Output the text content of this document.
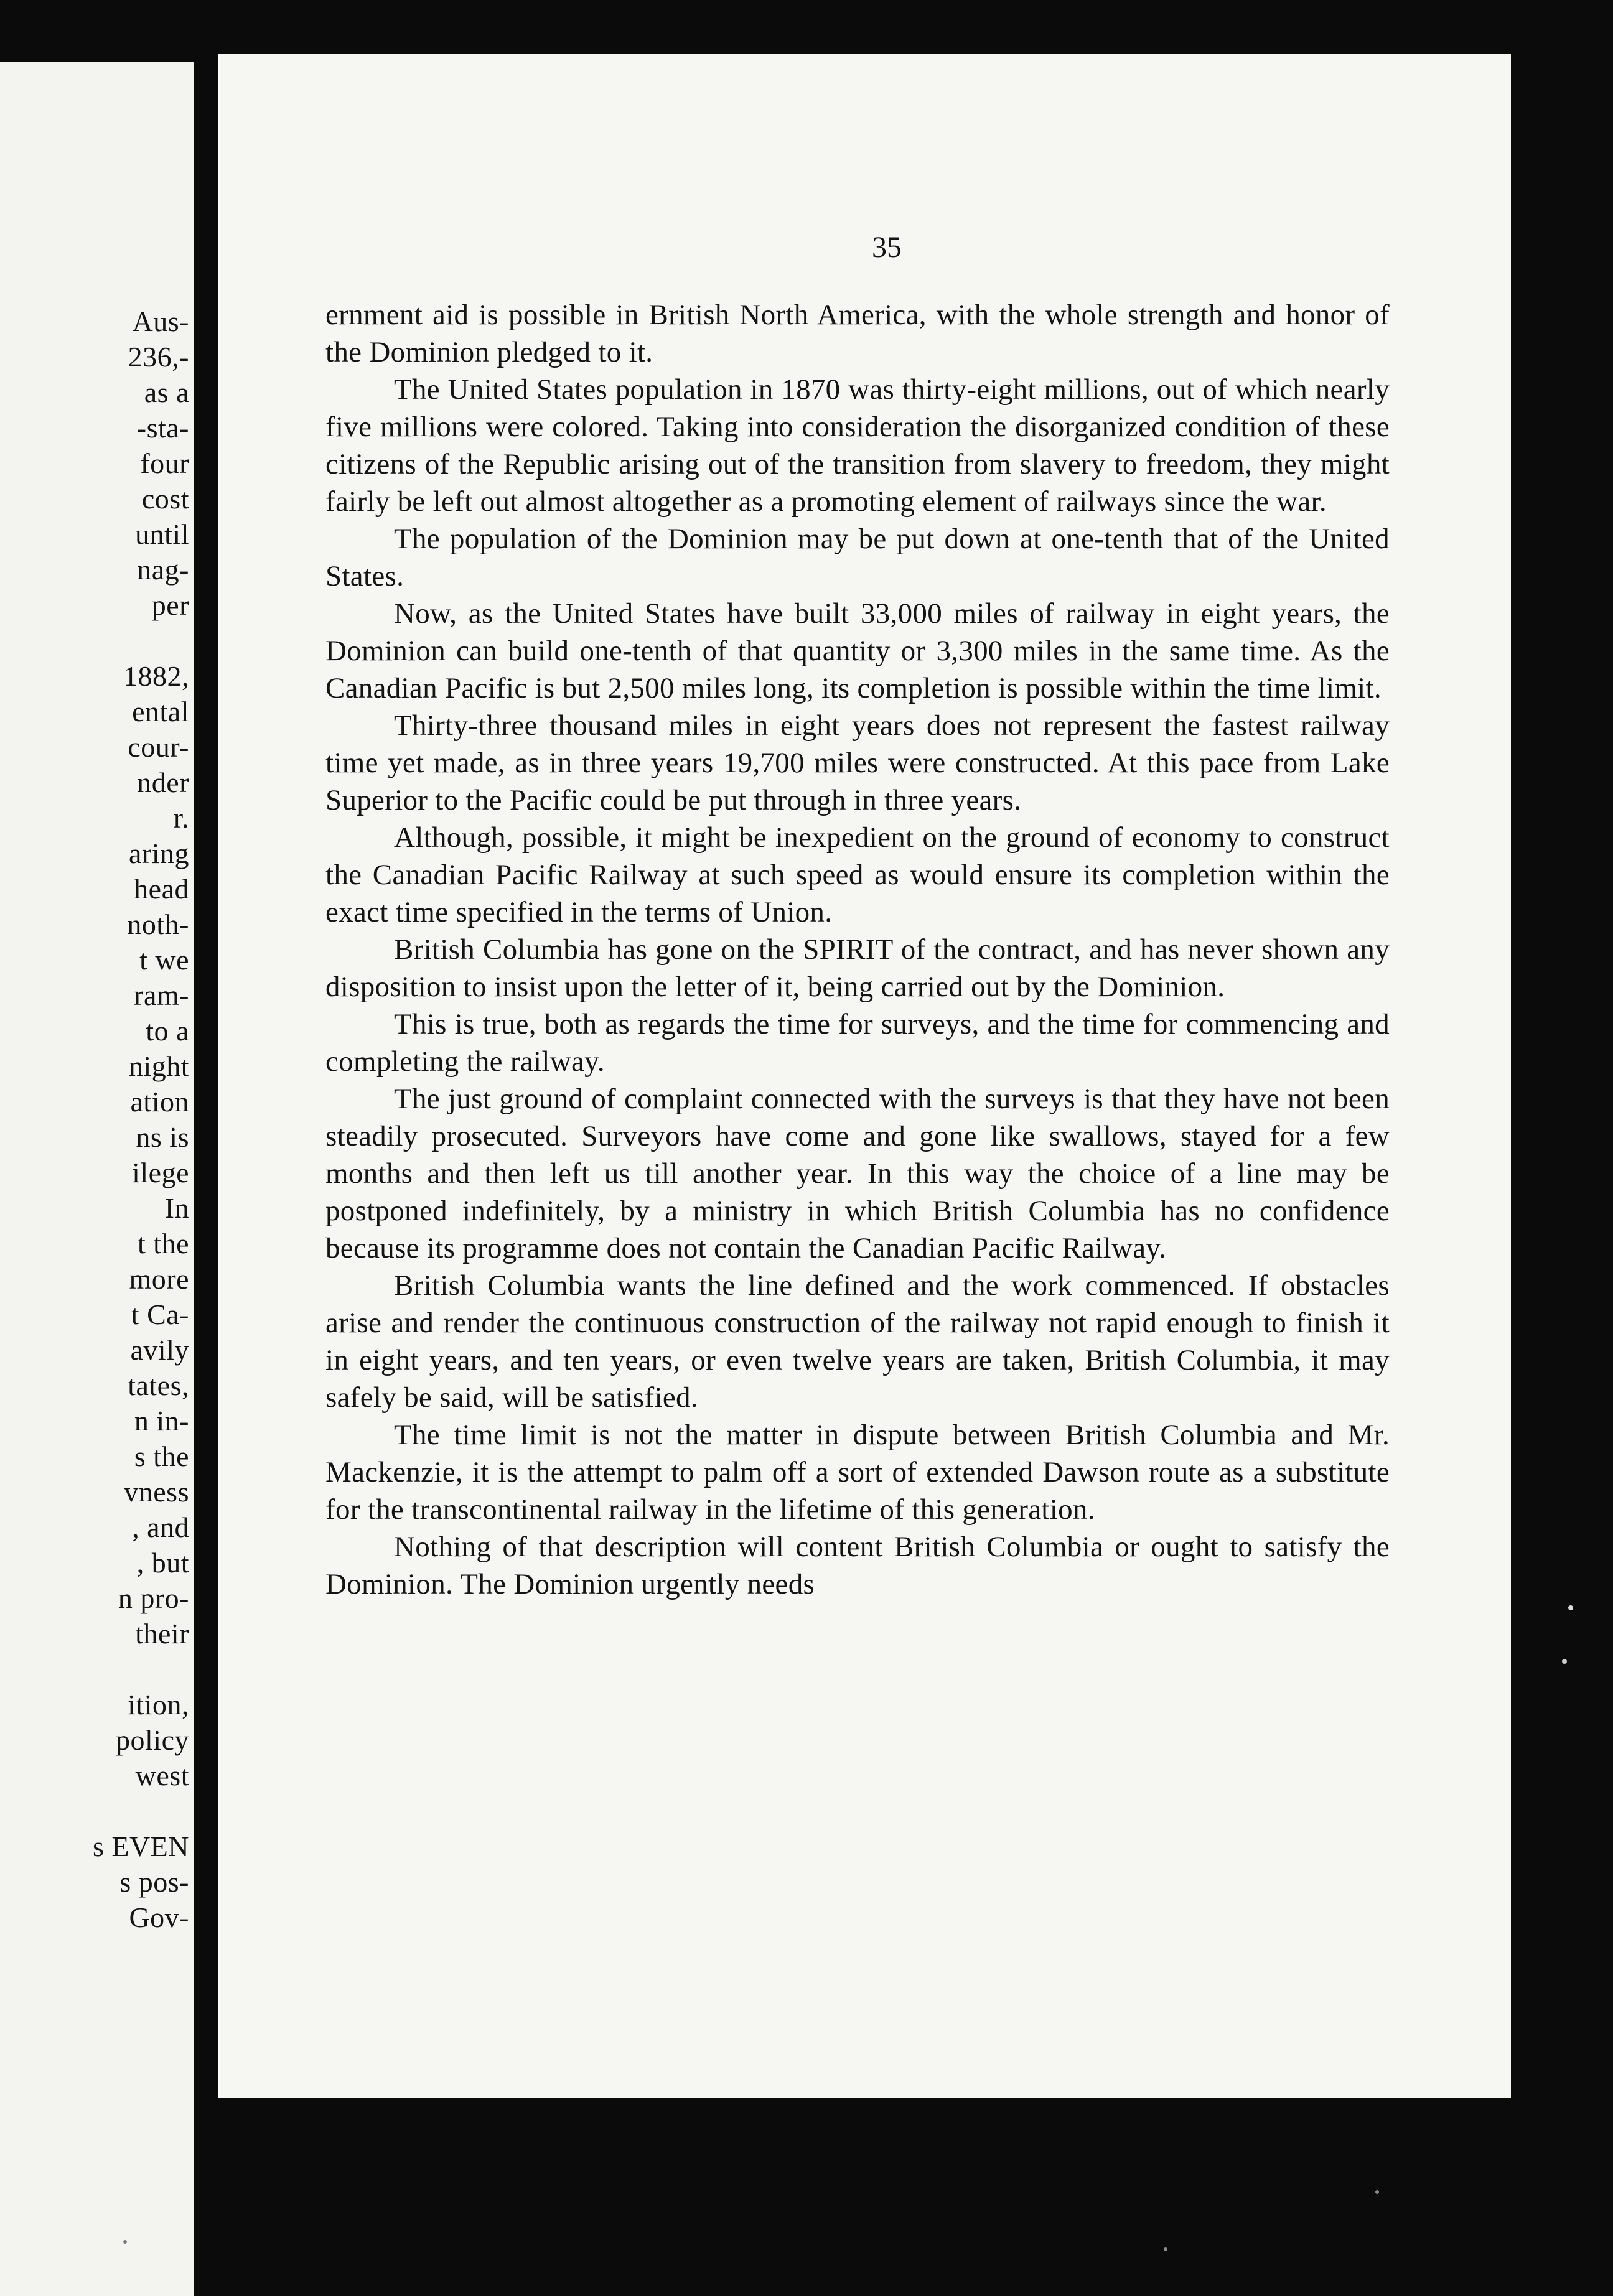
Aus-
236,-
as a
-sta-
four
cost
until
nag-
per
1882,
ental
cour-
nder
r.
aring
head
noth-
t we
ram-
to a
night
ation
ns is
ilege
In
t the
more
t Ca-
avily
tates,
n in-
s the
vness
, and
, but
n pro-
their
ition,
policy
west
s EVEN
s pos-
Gov-
35

ernment aid is possible in British North America, with the whole strength and honor of the Dominion pledged to it.

The United States population in 1870 was thirty-eight millions, out of which nearly five millions were colored. Taking into consideration the disorganized condition of these citizens of the Republic arising out of the transition from slavery to freedom, they might fairly be left out almost altogether as a promoting element of railways since the war.

The population of the Dominion may be put down at one-tenth that of the United States.

Now, as the United States have built 33,000 miles of railway in eight years, the Dominion can build one-tenth of that quantity or 3,300 miles in the same time. As the Canadian Pacific is but 2,500 miles long, its completion is possible within the time limit.

Thirty-three thousand miles in eight years does not represent the fastest railway time yet made, as in three years 19,700 miles were constructed. At this pace from Lake Superior to the Pacific could be put through in three years.

Although, possible, it might be inexpedient on the ground of economy to construct the Canadian Pacific Railway at such speed as would ensure its completion within the exact time specified in the terms of Union.

British Columbia has gone on the SPIRIT of the contract, and has never shown any disposition to insist upon the letter of it, being carried out by the Dominion.

This is true, both as regards the time for surveys, and the time for commencing and completing the railway.

The just ground of complaint connected with the surveys is that they have not been steadily prosecuted. Surveyors have come and gone like swallows, stayed for a few months and then left us till another year. In this way the choice of a line may be postponed indefinitely, by a ministry in which British Columbia has no confidence because its programme does not contain the Canadian Pacific Railway.

British Columbia wants the line defined and the work commenced. If obstacles arise and render the continuous construction of the railway not rapid enough to finish it in eight years, and ten years, or even twelve years are taken, British Columbia, it may safely be said, will be satisfied.

The time limit is not the matter in dispute between British Columbia and Mr. Mackenzie, it is the attempt to palm off a sort of extended Dawson route as a substitute for the transcontinental railway in the lifetime of this generation.

Nothing of that description will content British Columbia or ought to satisfy the Dominion. The Dominion urgently needs
